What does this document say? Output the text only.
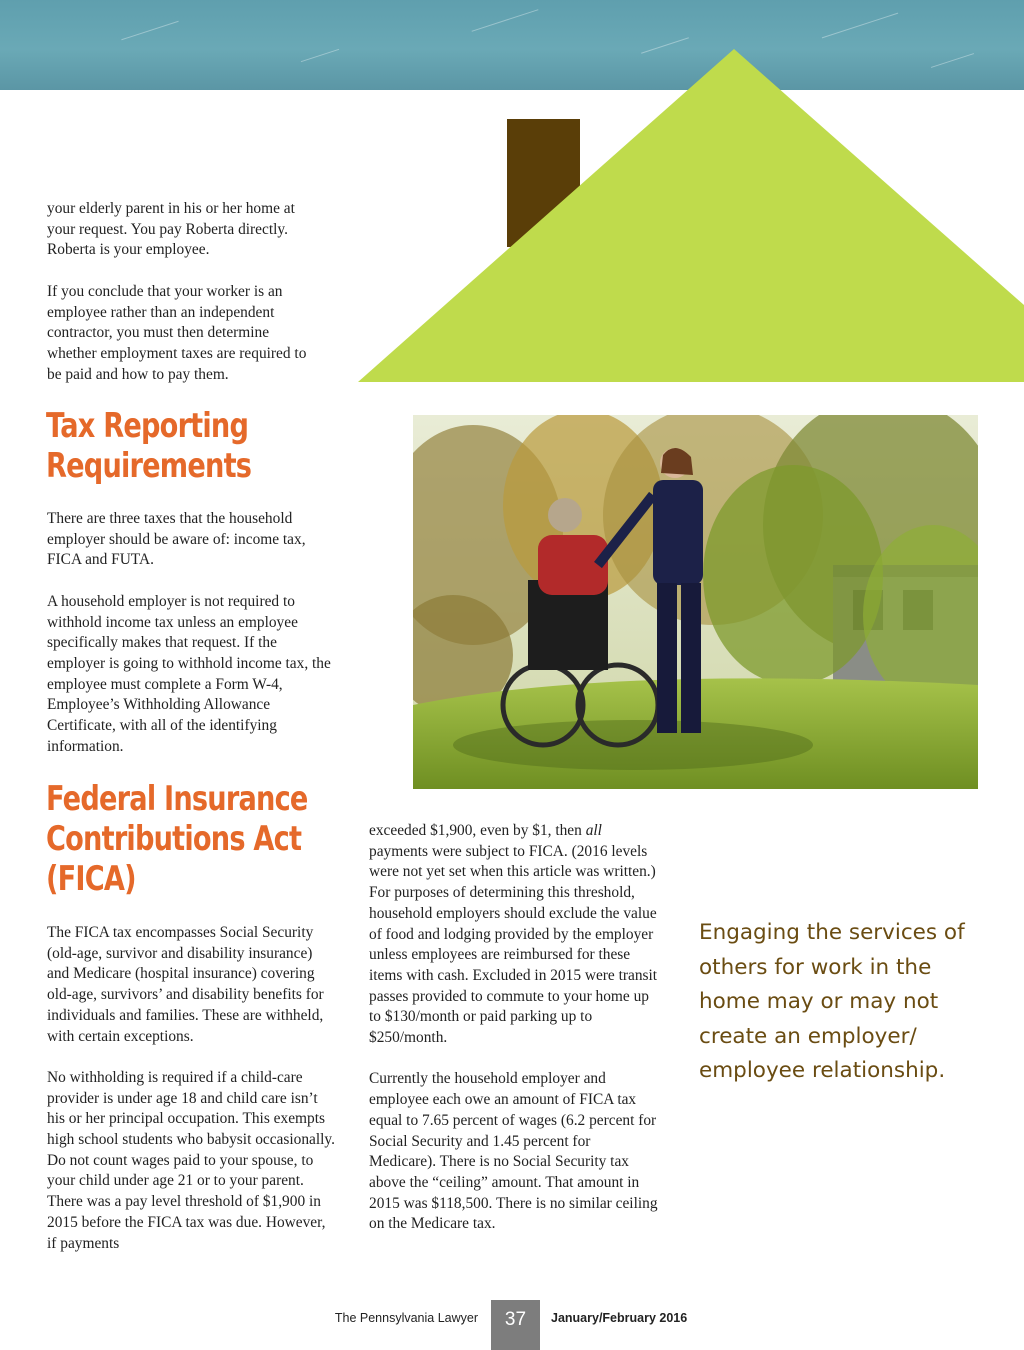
your elderly parent in his or her home at your request. You pay Roberta directly. Roberta is your employee.

If you conclude that your worker is an employee rather than an independent contractor, you must then determine whether employment taxes are required to be paid and how to pay them.

Tax Reporting
Requirements

There are three taxes that the household employer should be aware of: income tax, FICA and FUTA.

A household employer is not required to withhold income tax unless an employee specifically makes that request. If the employer is going to withhold income tax, the employee must complete a Form W-4, Employee’s Withholding Allowance Certificate, with all of the identifying information.

Federal Insurance
Contributions Act
(FICA)

The FICA tax encompasses Social Security (old-age, survivor and disability insurance) and Medicare (hospital insurance) covering old-age, survivors’ and disability benefits for individuals and families. These are withheld, with certain exceptions.

No withholding is required if a child-care provider is under age 18 and child care isn’t his or her principal occupation. This exempts high school students who babysit occasionally. Do not count wages paid to your spouse, to your child under age 21 or to your parent. There was a pay level threshold of $1,900 in 2015 before the FICA tax was due. However, if payments

exceeded $1,900, even by $1, then all payments were subject to FICA. (2016 levels were not yet set when this article was written.) For purposes of determining this threshold, household employers should exclude the value of food and lodging provided by the employer unless employees are reimbursed for these items with cash. Excluded in 2015 were transit passes provided to commute to your home up to $130/month or paid parking up to $250/month.

Currently the household employer and employee each owe an amount of FICA tax equal to 7.65 percent of wages (6.2 percent for Social Security and 1.45 percent for Medicare). There is no Social Security tax above the “ceiling” amount. That amount in 2015 was $118,500. There is no similar ceiling on the Medicare tax.

Engaging the services of others for work in the home may or may not create an employer/ employee relationship.
The Pennsylvania Lawyer	37	January/February 2016
